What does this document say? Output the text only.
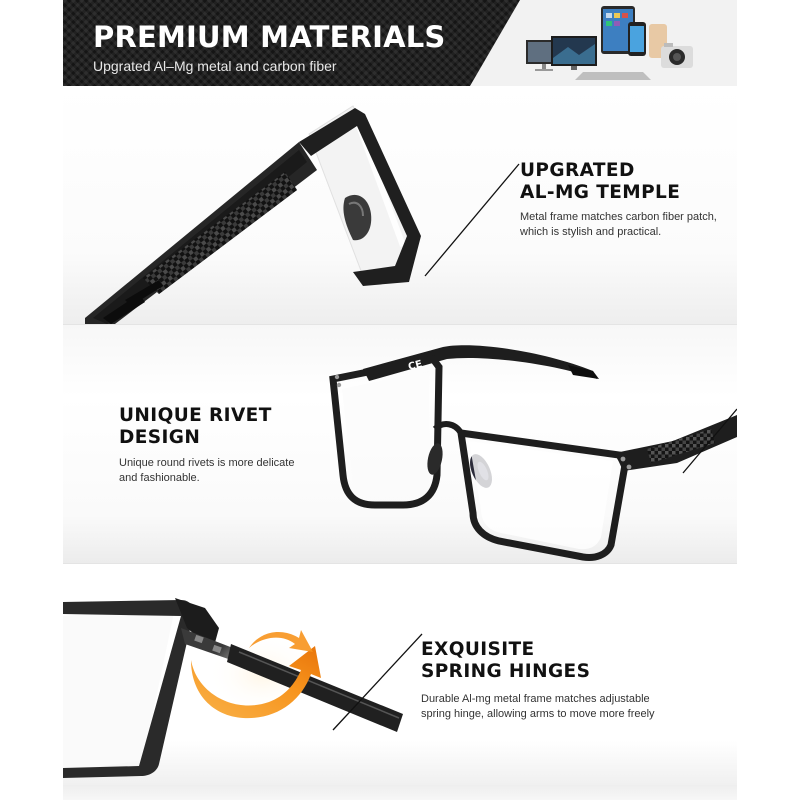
PREMIUM MATERIALS
Upgrated Al–Mg metal and carbon fiber
UPGRATED
AL-MG TEMPLE
Metal frame matches carbon fiber patch,
which is stylish and practical.
CE
UNIQUE RIVET
DESIGN
Unique round rivets is more delicate
and fashionable.
EXQUISITE
SPRING HINGES
Durable Al-mg metal frame matches adjustable
spring hinge, allowing arms to move more freely
